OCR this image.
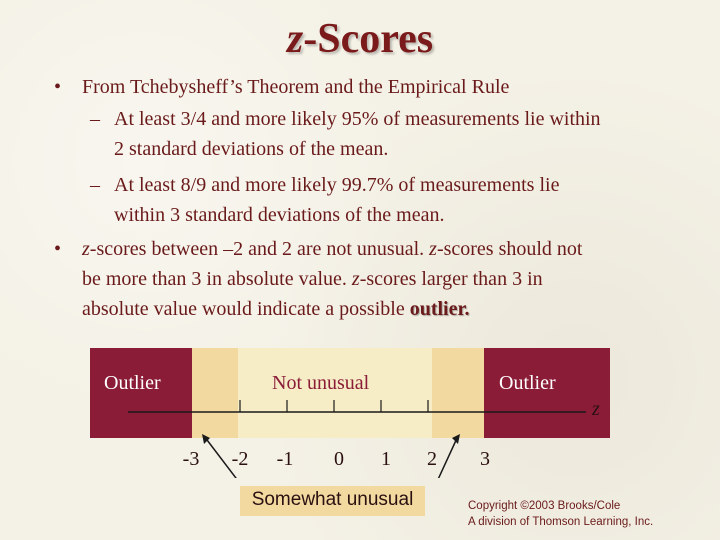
z-Scores
• From Tchebysheff’s Theorem and the Empirical Rule
– At least 3/4 and more likely 95% of measurements lie within
2 standard deviations of the mean.
– At least 8/9 and more likely 99.7% of measurements lie
within 3 standard deviations of the mean.
• z-scores between –2 and 2 are not unusual. z-scores should not
be more than 3 in absolute value. z-scores larger than 3 in
absolute value would indicate a possible outlier.
Outlier	Not unusual	Outlier
z
-3 -2 -1	0	1	2	3
Somewhat unusual	Copyright ©2003 Brooks/Cole
A division of Thomson Learning, Inc.
